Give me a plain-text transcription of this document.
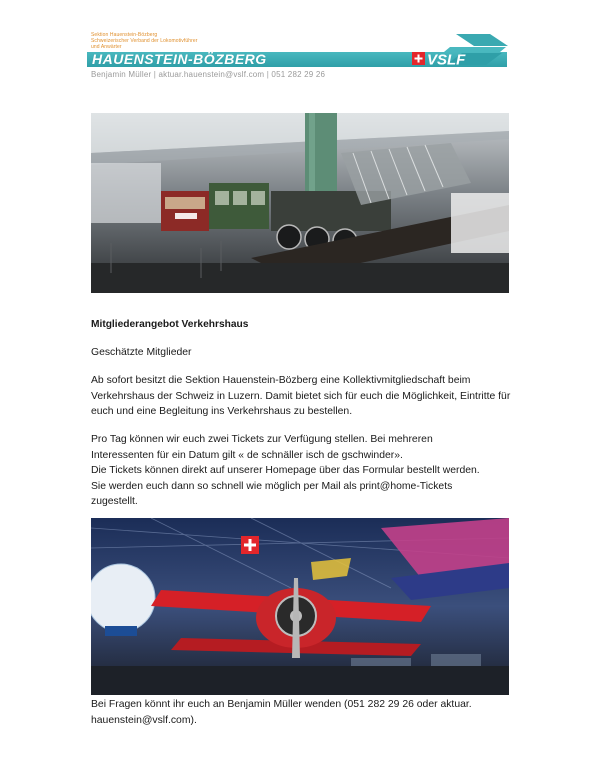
Sektion Hauenstein-Bözberg
Schweizerischer Verband der Lokomotivführer
und Anwärter
HAUENSTEIN-BÖZBERG	VSLF
Benjamin Müller | aktuar.hauenstein@vslf.com | 051 282 29 26
Mitgliederangebot Verkehrshaus
Geschätzte Mitglieder
Ab sofort besitzt die Sektion Hauenstein-Bözberg eine Kollektivmitgliedschaft beim Verkehrshaus der Schweiz in Luzern. Damit bietet sich für euch die Möglichkeit, Eintritte für euch und eine Begleitung ins Verkehrshaus zu bestellen.
Pro Tag können wir euch zwei Tickets zur Verfügung stellen. Bei mehreren
Interessenten für ein Datum gilt « de schnäller isch de gschwinder».
Die Tickets können direkt auf unserer Homepage über das Formular bestellt werden.
Sie werden euch dann so schnell wie möglich per Mail als print@home-Tickets
zugestellt.
Bei Fragen könnt ihr euch an Benjamin Müller wenden (051 282 29 26 oder aktuar. hauenstein@vslf.com).
